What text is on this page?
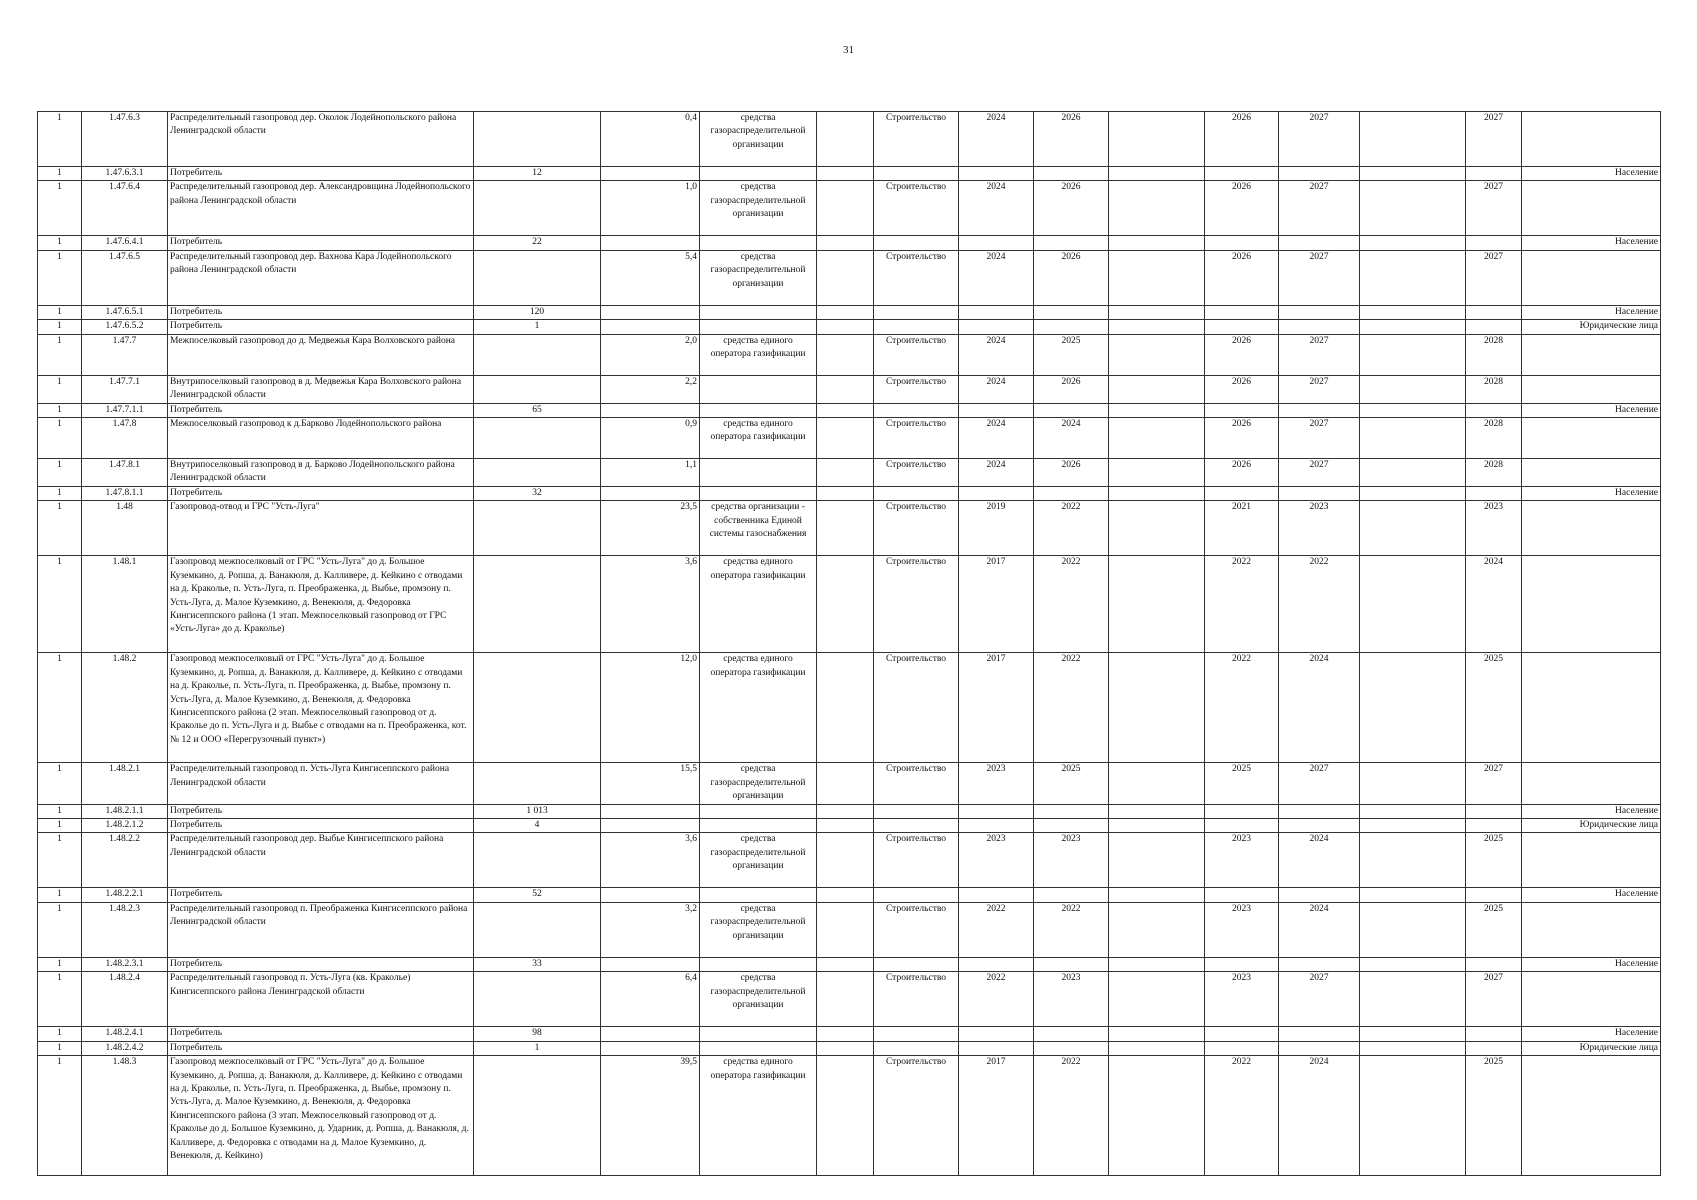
31
1	1.47.6.3	Распределительный газопровод дер. Околок Лодейнопольского района Ленинградской области		0,4	средства газораспределительной организации		Строительство	2024	2026		2026	2027		2027	
1	1.47.6.3.1	Потребитель	12												Население
1	1.47.6.4	Распределительный газопровод дер. Александровщина Лодейнопольского района Ленинградской области		1,0	средства газораспределительной организации		Строительство	2024	2026		2026	2027		2027	
1	1.47.6.4.1	Потребитель	22												Население
1	1.47.6.5	Распределительный газопровод дер. Вахнова Кара Лодейнопольского района Ленинградской области		5,4	средства газораспределительной организации		Строительство	2024	2026		2026	2027		2027	
1	1.47.6.5.1	Потребитель	120												Население
1	1.47.6.5.2	Потребитель	1												Юридические лица
1	1.47.7	Межпоселковый газопровод до д. Медвежья Кара Волховского района		2,0	средства единого оператора газификации		Строительство	2024	2025		2026	2027		2028	
1	1.47.7.1	Внутрипоселковый газопровод в д. Медвежья Кара Волховского района Ленинградской области		2,2			Строительство	2024	2026		2026	2027		2028	
1	1.47.7.1.1	Потребитель	65												Население
1	1.47.8	Межпоселковый газопровод к д.Барково Лодейнопольского района		0,9	средства единого оператора газификации		Строительство	2024	2024		2026	2027		2028	
1	1.47.8.1	Внутрипоселковый газопровод в д. Барково Лодейнопольского района Ленинградской области		1,1			Строительство	2024	2026		2026	2027		2028	
1	1.47.8.1.1	Потребитель	32												Население
1	1.48	Газопровод-отвод и ГРС "Усть-Луга"		23,5	средства организации - собственника Единой системы газоснабжения		Строительство	2019	2022		2021	2023		2023	
1	1.48.1	Газопровод межпоселковый от ГРС "Усть-Луга" до д. Большое Куземкино, д. Ропша, д. Ванакюля, д. Калливере, д. Кейкино с отводами на д. Краколье, п. Усть-Луга, п. Преображенка, д. Выбье, промзону п. Усть-Луга, д. Малое Куземкино, д. Венекюля, д. Федоровка Кингисеппского района (1 этап. Межпоселковый газопровод от ГРС «Усть-Луга» до д. Краколье)		3,6	средства единого оператора газификации		Строительство	2017	2022		2022	2022		2024	
1	1.48.2	Газопровод межпоселковый от ГРС "Усть-Луга" до д. Большое Куземкино, д. Ропша, д. Ванакюля, д. Калливере, д. Кейкино с отводами на д. Краколье, п. Усть-Луга, п. Преображенка, д. Выбье, промзону п. Усть-Луга, д. Малое Куземкино, д. Венекюля, д. Федоровка Кингисеппского района (2 этап. Межпоселковый газопровод от д. Краколье до п. Усть-Луга и д. Выбье с отводами на п. Преображенка, кот.№ 12 и ООО «Перегрузочный пункт»)		12,0	средства единого оператора газификации		Строительство	2017	2022		2022	2024		2025	
1	1.48.2.1	Распределительный газопровод п. Усть-Луга Кингисеппского района Ленинградской области		15,5	средства газораспределительной организации		Строительство	2023	2025		2025	2027		2027	
1	1.48.2.1.1	Потребитель	1 013												Население
1	1.48.2.1.2	Потребитель	4												Юридические лица
1	1.48.2.2	Распределительный газопровод дер. Выбье Кингисеппского района Ленинградской области		3,6	средства газораспределительной организации		Строительство	2023	2023		2023	2024		2025	
1	1.48.2.2.1	Потребитель	52												Население
1	1.48.2.3	Распределительный газопровод п. Преображенка Кингисеппского района Ленинградской области		3,2	средства газораспределительной организации		Строительство	2022	2022		2023	2024		2025	
1	1.48.2.3.1	Потребитель	33												Население
1	1.48.2.4	Распределительный газопровод п. Усть-Луга (кв. Краколье) Кингисеппского района Ленинградской области		6,4	средства газораспределительной организации		Строительство	2022	2023		2023	2027		2027	
1	1.48.2.4.1	Потребитель	98												Население
1	1.48.2.4.2	Потребитель	1												Юридические лица
1	1.48.3	Газопровод межпоселковый от ГРС "Усть-Луга" до д. Большое Куземкино, д. Ропша, д. Ванакюля, д. Калливере, д. Кейкино с отводами на д. Краколье, п. Усть-Луга, п. Преображенка, д. Выбье, промзону п. Усть-Луга, д. Малое Куземкино, д. Венекюля, д. Федоровка Кингисеппского района (3 этап. Межпоселковый газопровод от д. Краколье до д. Большое Куземкино, д. Ударник, д. Ропша, д. Ванакюля, д. Калливере, д. Федоровка с отводами на д. Малое Куземкино, д. Венекюля, д. Кейкино)		39,5	средства единого оператора газификации		Строительство	2017	2022		2022	2024		2025	
